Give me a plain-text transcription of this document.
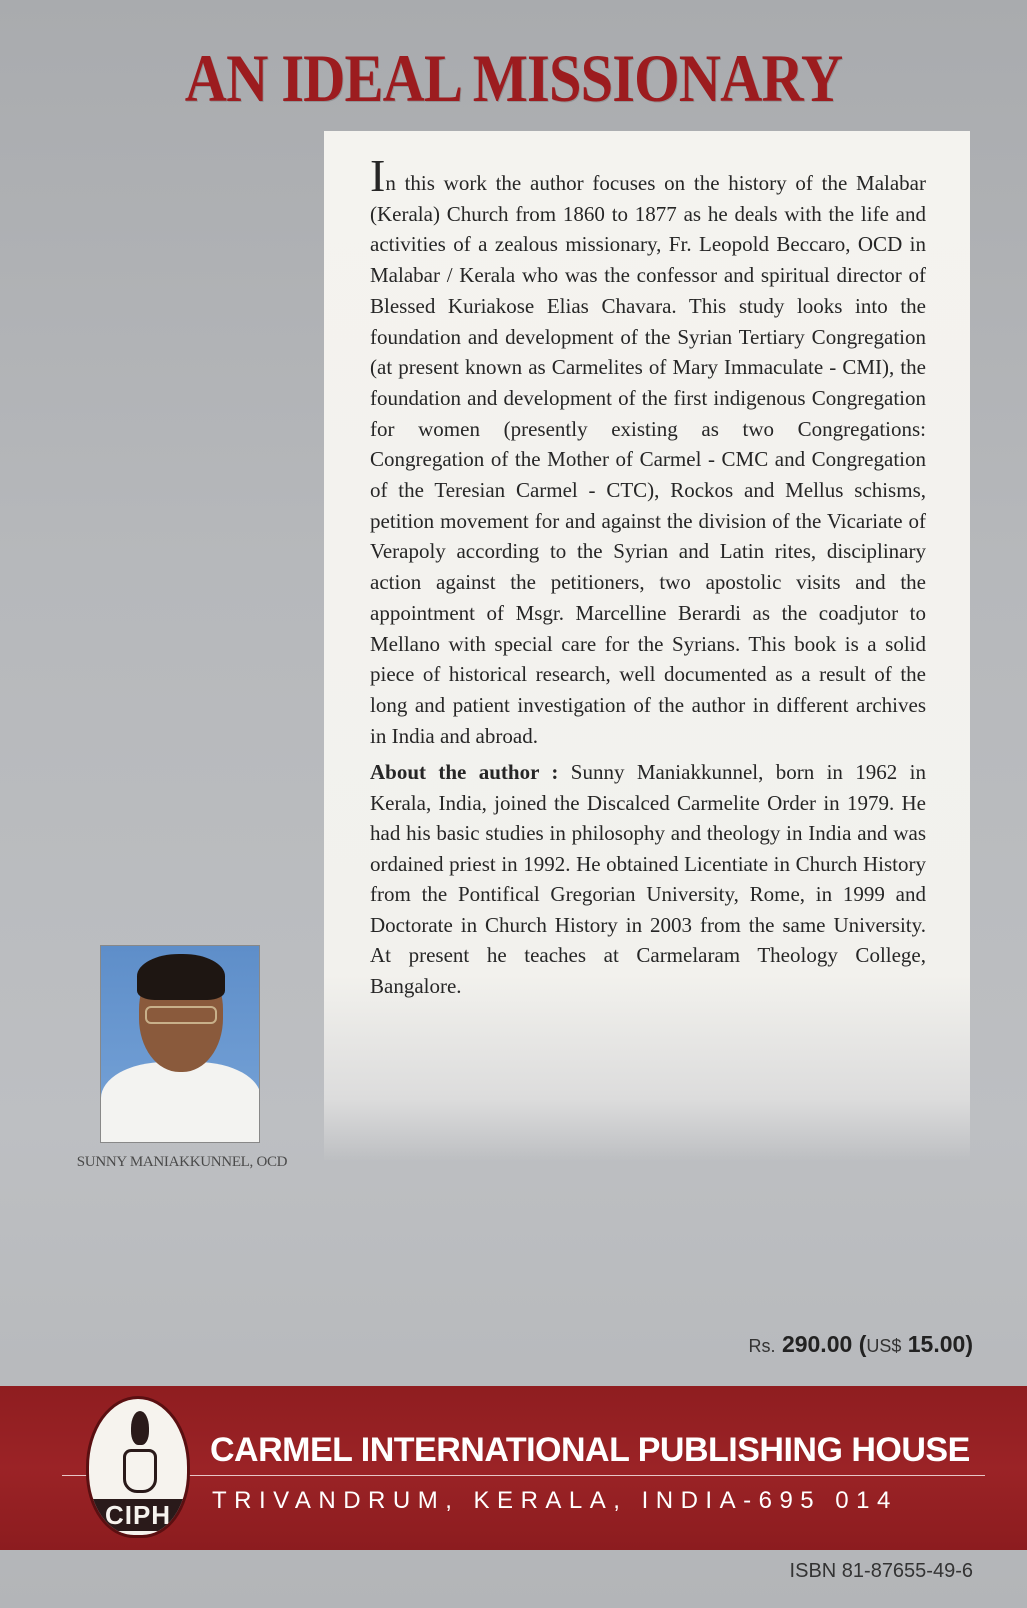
AN IDEAL MISSIONARY

In this work the author focuses on the history of the Malabar (Kerala) Church from 1860 to 1877 as he deals with the life and activities of a zealous missionary, Fr. Leopold Beccaro, OCD in Malabar / Kerala who was the confessor and spiritual director of Blessed Kuriakose Elias Chavara. This study looks into the foundation and development of the Syrian Tertiary Congregation (at present known as Carmelites of Mary Immaculate - CMI), the foundation and development of the first indigenous Congregation for women (presently existing as two Congregations: Congregation of the Mother of Carmel - CMC and Congregation of the Teresian Carmel - CTC), Rockos and Mellus schisms, petition movement for and against the division of the Vicariate of Verapoly according to the Syrian and Latin rites, disciplinary action against the petitioners, two apostolic visits and the appointment of Msgr. Marcelline Berardi as the coadjutor to Mellano with special care for the Syrians. This book is a solid piece of historical research, well documented as a result of the long and patient investigation of the author in different archives in India and abroad.

About the author : Sunny Maniakkunnel, born in 1962 in Kerala, India, joined the Discalced Carmelite Order in 1979. He had his basic studies in philosophy and theology in India and was ordained priest in 1992. He obtained Licentiate in Church History from the Pontifical Gregorian University, Rome, in 1999 and Doctorate in Church History in 2003 from the same University. At present he teaches at Carmelaram Theology College, Bangalore.

SUNNY MANIAKKUNNEL, OCD

Rs. 290.00 (US$ 15.00)

CIPH

CARMEL INTERNATIONAL PUBLISHING HOUSE

TRIVANDRUM, KERALA, INDIA-695 014

ISBN 81-87655-49-6
